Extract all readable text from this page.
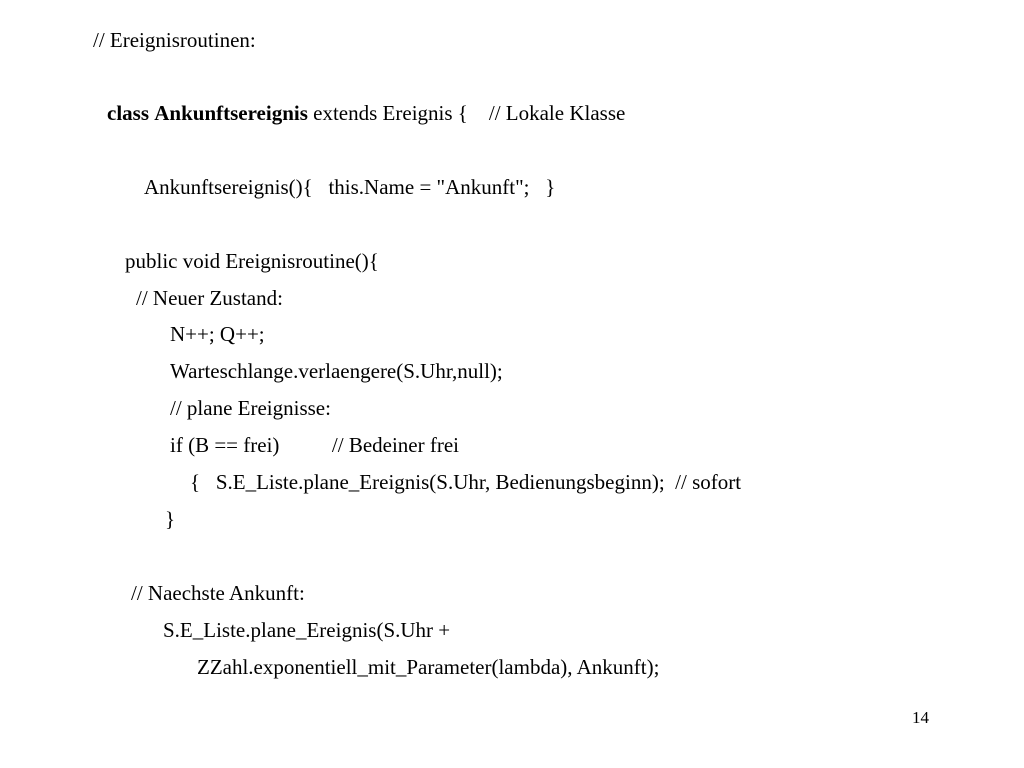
// Ereignisroutinen:
class Ankunftsereignis extends Ereignis {    // Lokale Klasse
Ankunftsereignis(){   this.Name = "Ankunft";   }
public void Ereignisroutine(){
// Neuer Zustand:
N++; Q++;
Warteschlange.verlaengere(S.Uhr,null);
// plane Ereignisse:
if (B == frei)          // Bedeiner frei
{   S.E_Liste.plane_Ereignis(S.Uhr, Bedienungsbeginn);  // sofort
}
// Naechste Ankunft:
S.E_Liste.plane_Ereignis(S.Uhr +
ZZahl.exponentiell_mit_Parameter(lambda), Ankunft);
14
